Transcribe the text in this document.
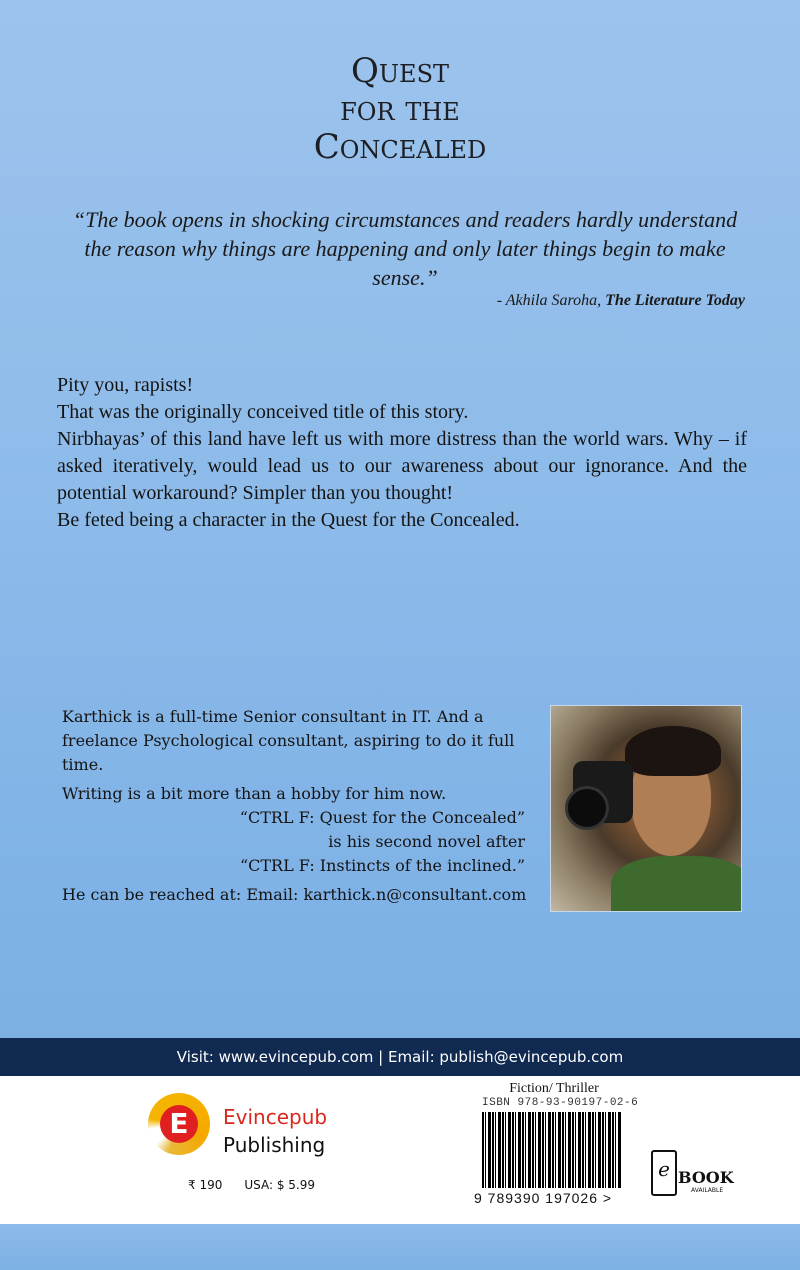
Quest
for the
Concealed
“The book opens in shocking circumstances and readers hardly understand the reason why things are happening and only later things begin to make sense.”
- Akhila Saroha, The Literature Today

Pity you, rapists!

That was the originally conceived title of this story.

Nirbhayas’ of this land have left us with more distress than the world wars. Why – if asked iteratively, would lead us to our awareness about our ignorance. And the potential workaround? Simpler than you thought!

Be feted being a character in the Quest for the Concealed.

Karthick is a full-time Senior consultant in IT. And a freelance Psychological consultant, aspiring to do it full time.

Writing is a bit more than a hobby for him now.

“CTRL F: Quest for the Concealed”

is his second novel after

“CTRL F: Instincts of the inclined.”

He can be reached at: Email: karthick.n@consultant.com

Visit: www.evincepub.com | Email: publish@evincepub.com
E	Evincepub
Publishing
₹ 190 USA: $ 5.99
Fiction/ Thriller
ISBN 978-93-90197-02-6
9 789390 197026 >
e BOOK
AVAILABLE
